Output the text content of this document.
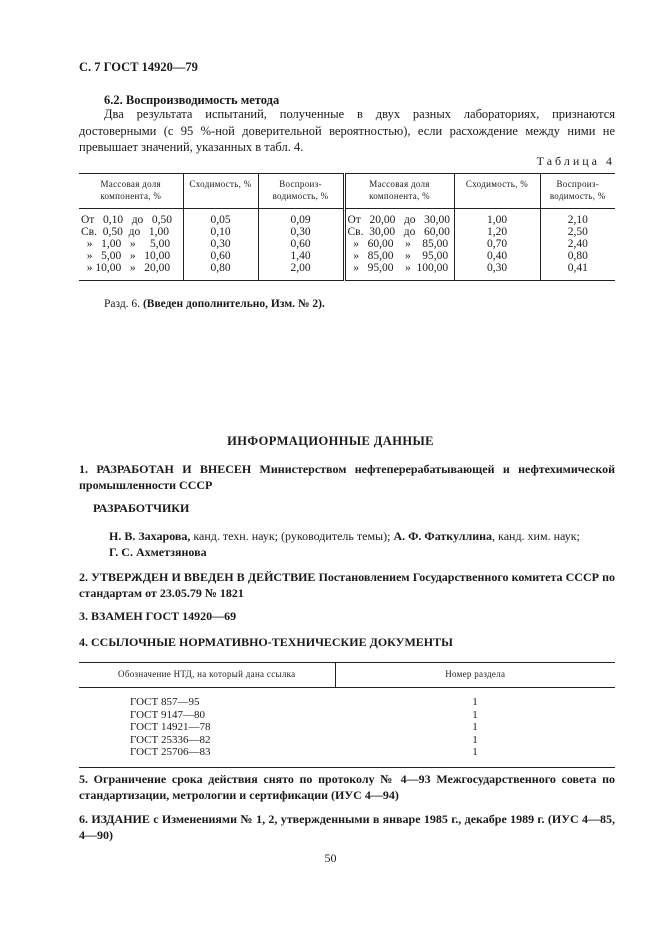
С. 7 ГОСТ 14920—79
6.2. Воспроизводимость метода
Два результата испытаний, полученные в двух разных лабораториях, признаются достоверными (с 95 %-ной доверительной вероятностью), если расхождение между ними не превышает значений, указанных в табл. 4.
Таблица 4
Массовая доля компонента, %	Сходимость, %	Воспроиз-водимость, %	Массовая доля компонента, %	Сходимость, %	Воспроиз-водимость, %
От   0,10   до   0,50	0,05	0,09	От   20,00   до   30,00	1,00	2,10
Св.  0,50  до   1,00	0,10	0,30	Св.  30,00   до   60,00	1,20	2,50
»   1,00   »     5,00	0,30	0,60	»   60,00    »    85,00	0,70	2,40
»   5,00   »   10,00	0,60	1,40	»   85,00    »    95,00	0,40	0,80
» 10,00   »   20,00	0,80	2,00	»   95,00    »  100,00	0,30	0,41
Разд. 6. (Введен дополнительно, Изм. № 2).
ИНФОРМАЦИОННЫЕ ДАННЫЕ
1. РАЗРАБОТАН И ВНЕСЕН Министерством нефтеперерабатывающей и нефтехимической промышленности СССР
РАЗРАБОТЧИКИ
Н. В. Захарова, канд. техн. наук; (руководитель темы); А. Ф. Фаткуллина, канд. хим. наук;
Г. С. Ахметзянова
2. УТВЕРЖДЕН И ВВЕДЕН В ДЕЙСТВИЕ Постановлением Государственного комитета СССР по стандартам от 23.05.79 № 1821
3. ВЗАМЕН ГОСТ 14920—69
4. ССЫЛОЧНЫЕ НОРМАТИВНО-ТЕХНИЧЕСКИЕ ДОКУМЕНТЫ
Обозначение НТД, на который дана ссылка	Номер раздела
ГОСТ 857—95	1
ГОСТ 9147—80	1
ГОСТ 14921—78	1
ГОСТ 25336—82	1
ГОСТ 25706—83	1
5. Ограничение срока действия снято по протоколу № 4—93 Межгосударственного совета по стандартизации, метрологии и сертификации (ИУС 4—94)
6. ИЗДАНИЕ с Изменениями № 1, 2, утвержденными в январе 1985 г., декабре 1989 г. (ИУС 4—85, 4—90)
50
